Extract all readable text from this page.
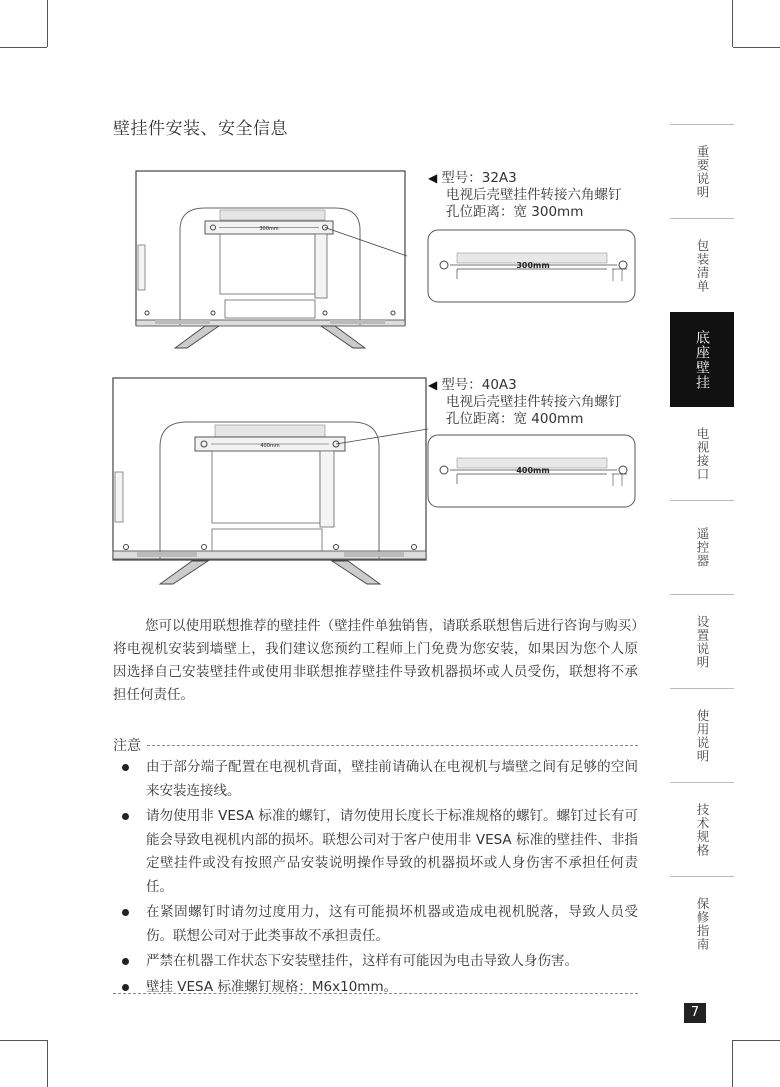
壁挂件安装、安全信息
重要说明
包装清单
底座壁挂
电视接口
遥控器
设置说明
使用说明
技术规格
保修指南
300mm
◀ 型号：32A3
电视后壳壁挂件转接六角螺钉
孔位距离：宽 300mm
300mm
400mm
◀ 型号：40A3
电视后壳壁挂件转接六角螺钉
孔位距离：宽 400mm
400mm
您可以使用联想推荐的壁挂件（壁挂件单独销售，请联系联想售后进行咨询与购买）将电视机安装到墙壁上，我们建议您预约工程师上门免费为您安装，如果因为您个人原因选择自己安装壁挂件或使用非联想推荐壁挂件导致机器损坏或人员受伤，联想将不承担任何责任。
注意
由于部分端子配置在电视机背面，壁挂前请确认在电视机与墙壁之间有足够的空间来安装连接线。
请勿使用非 VESA 标准的螺钉，请勿使用长度长于标准规格的螺钉。螺钉过长有可能会导致电视机内部的损坏。联想公司对于客户使用非 VESA 标准的壁挂件、非指定壁挂件或没有按照产品安装说明操作导致的机器损坏或人身伤害不承担任何责任。
在紧固螺钉时请勿过度用力，这有可能损坏机器或造成电视机脱落，导致人员受伤。联想公司对于此类事故不承担责任。
严禁在机器工作状态下安装壁挂件，这样有可能因为电击导致人身伤害。
壁挂 VESA 标准螺钉规格：M6x10mm。
7
